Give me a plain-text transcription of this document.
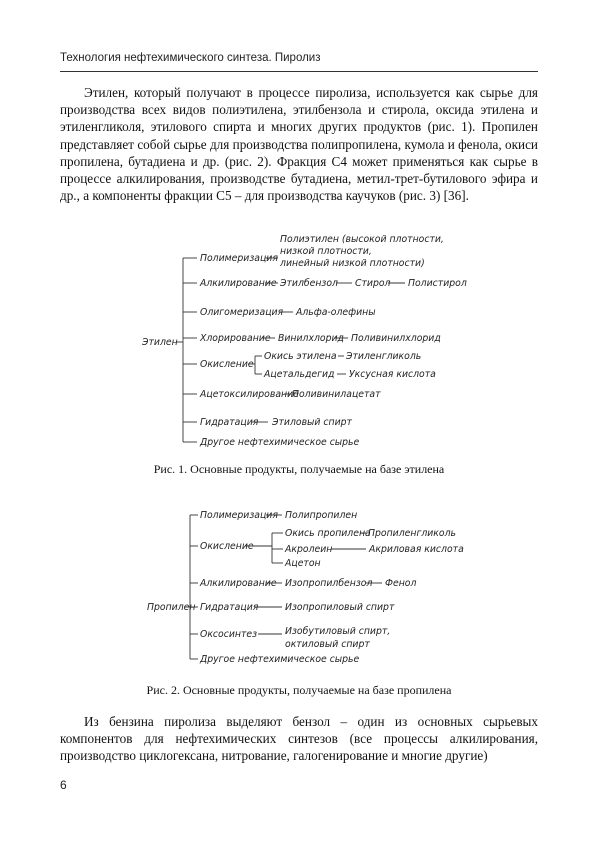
Технология нефтехимического синтеза. Пиролиз

Этилен, который получают в процессе пиролиза, используется как сырье для производства всех видов полиэтилена, этилбензола и стирола, оксида этилена и этиленгликоля, этилового спирта и многих других продуктов (рис. 1). Пропилен представляет собой сырье для производства полипропилена, кумола и фенола, окиси пропилена, бутадиена и др. (рис. 2). Фракция С4 может применяться как сырье в процессе алкилирования, производстве бутадиена, метил-трет-бутилового эфира и др., а компоненты фракции С5 – для производства каучуков (рис. 3) [36].

Этилен
Полимеризация
Полиэтилен (высокой плотности,
низкой плотности,
линейный низкой плотности)
Алкилирование Этилбензол Стирол Полистирол
Олигомеризация Альфа-олефины
Хлорирование Винилхлорид Поливинилхлорид
Окисление
Окись этилена Этиленгликоль
Ацетальдегид Уксусная кислота
Ацетоксилирование
Поливинилацетат
Гидратация Этиловый спирт
Другое нефтехимическое сырье
Рис. 1. Основные продукты, получаемые на базе этилена
Пропилен
Полимеризация Полипропилен
Окисление
Окись пропилена
Пропиленгликоль
Акролеин	Акриловая кислота
Ацетон
Алкилирование Изопропилбензол Фенол
Гидратация	Изопропиловый спирт
Оксосинтез	Изобутиловый спирт,
октиловый спирт
Другое нефтехимическое сырье
Рис. 2. Основные продукты, получаемые на базе пропилена

Из бензина пиролиза выделяют бензол – один из основных сырьевых компонентов для нефтехимических синтезов (все процессы алкилирования, производство циклогексана, нитрование, галогенирование и многие другие)

6
